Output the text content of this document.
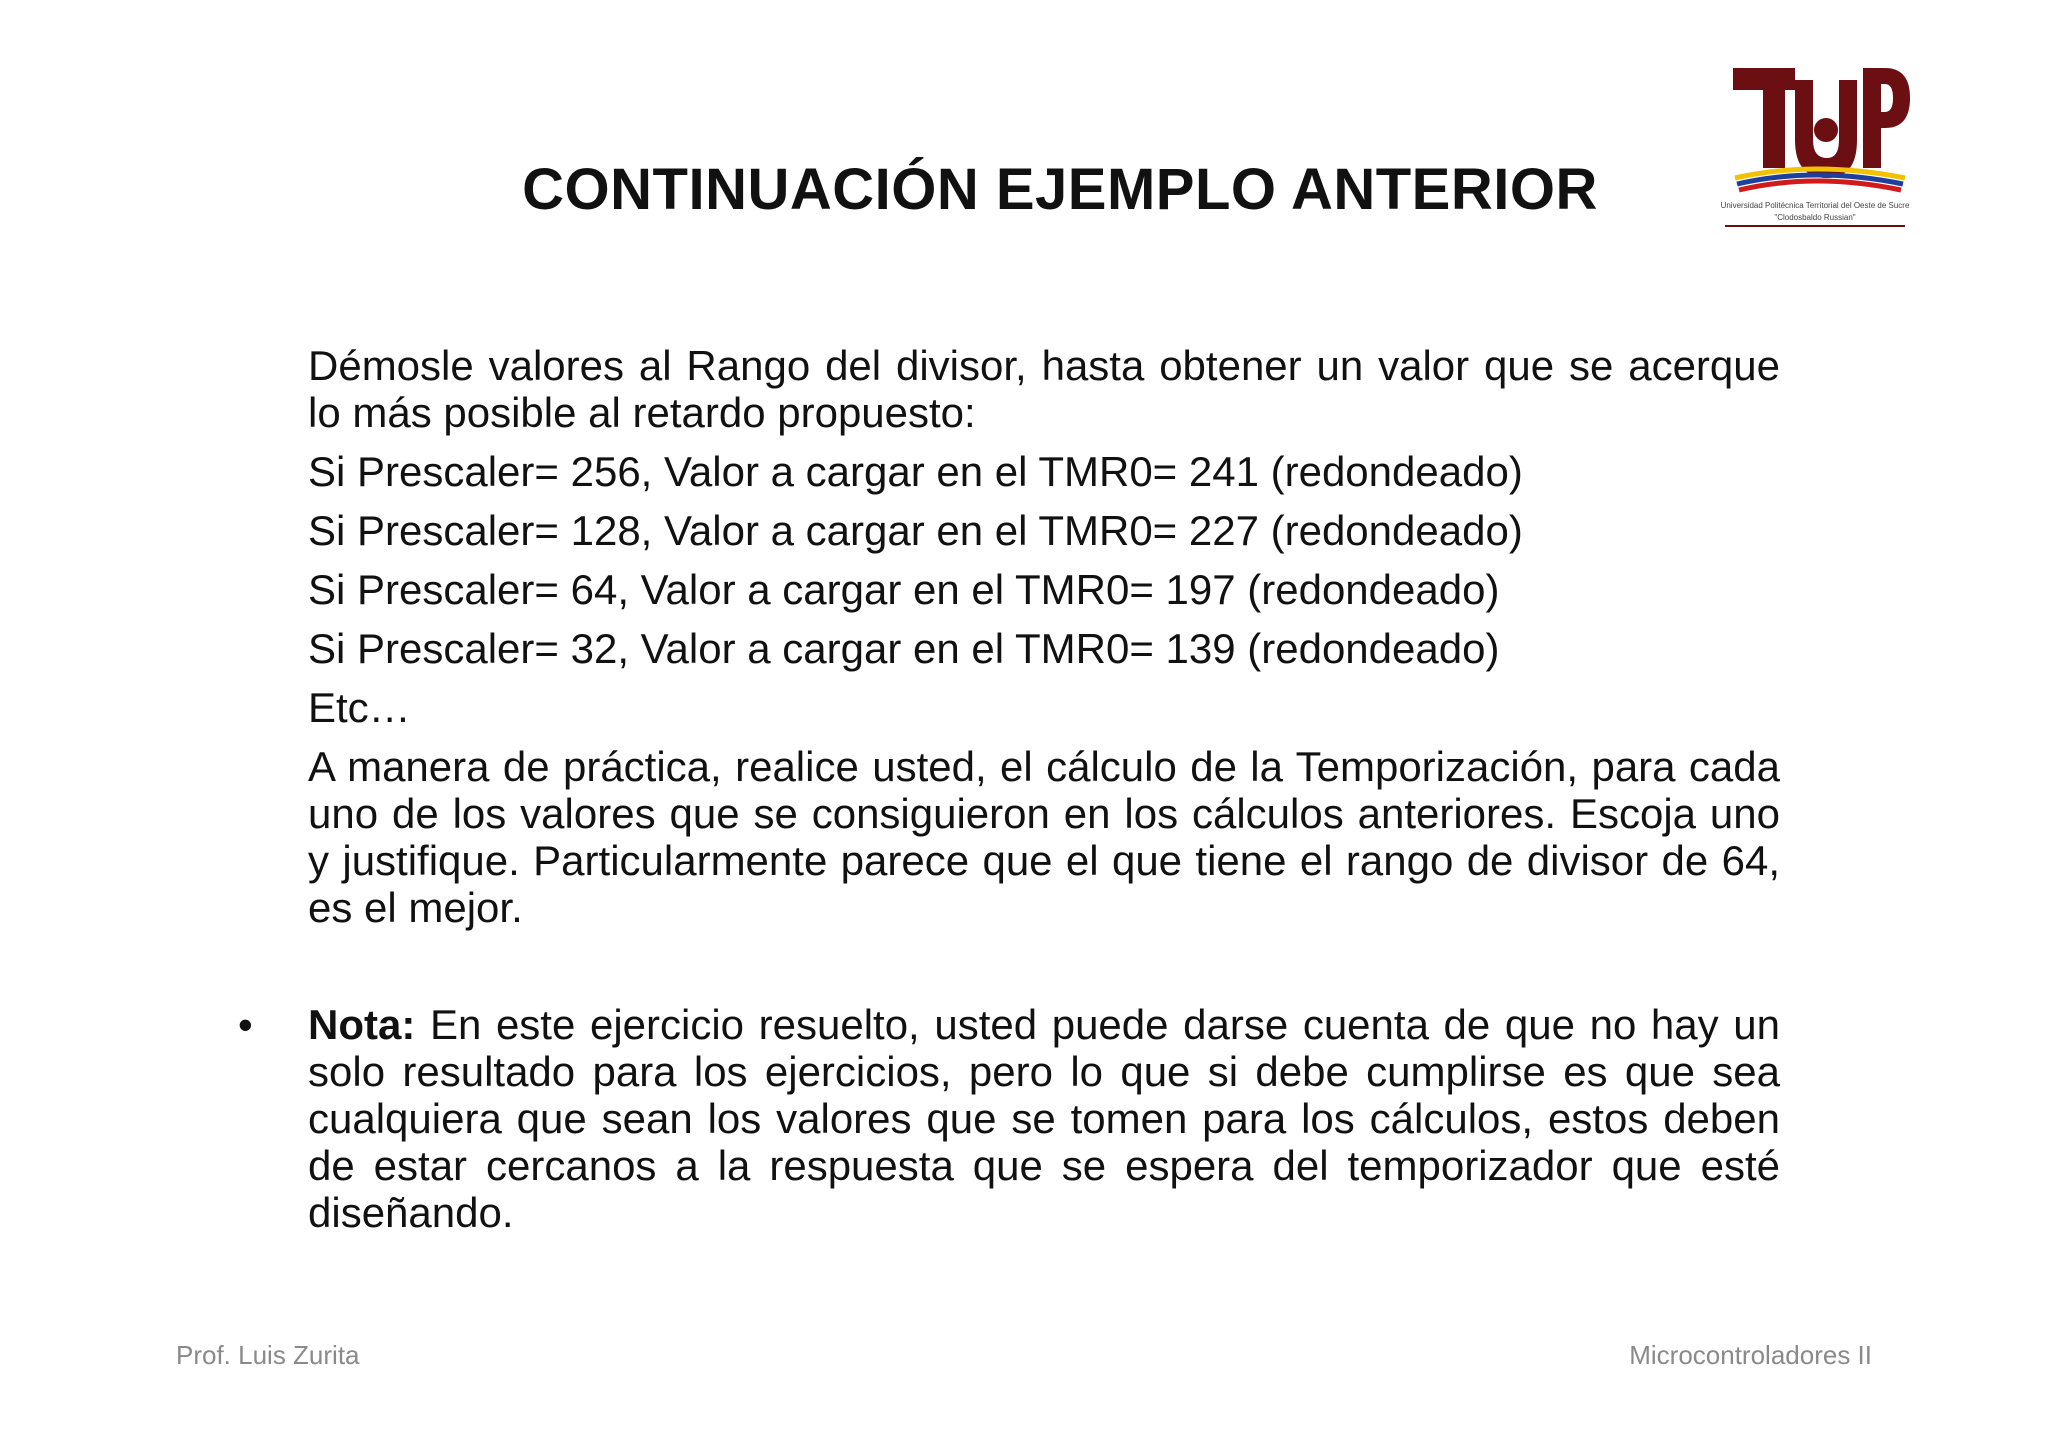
CONTINUACIÓN EJEMPLO ANTERIOR	Universidad Politécnica Territorial del Oeste de Sucre
"Clodosbaldo Russian"

Démosle valores al Rango del divisor, hasta obtener un valor que se acerque lo más posible al retardo propuesto:

Si Prescaler= 256, Valor a cargar en el TMR0= 241 (redondeado)
Si Prescaler= 128, Valor a cargar en el TMR0= 227 (redondeado)
Si Prescaler= 64, Valor a cargar en el TMR0= 197 (redondeado)
Si Prescaler= 32, Valor a cargar en el TMR0= 139 (redondeado)
Etc…

A manera de práctica, realice usted, el cálculo de la Temporización, para cada uno de los valores que se consiguieron en los cálculos anteriores. Escoja uno y justifique. Particularmente parece que el que tiene el rango de divisor de 64, es el mejor.

• Nota: En este ejercicio resuelto, usted puede darse cuenta de que no hay un solo resultado para los ejercicios, pero lo que si debe cumplirse es que sea cualquiera que sean los valores que se tomen para los cálculos, estos deben de estar cercanos a la respuesta que se espera del temporizador que esté diseñando.

Prof. Luis Zurita	Microcontroladores II
